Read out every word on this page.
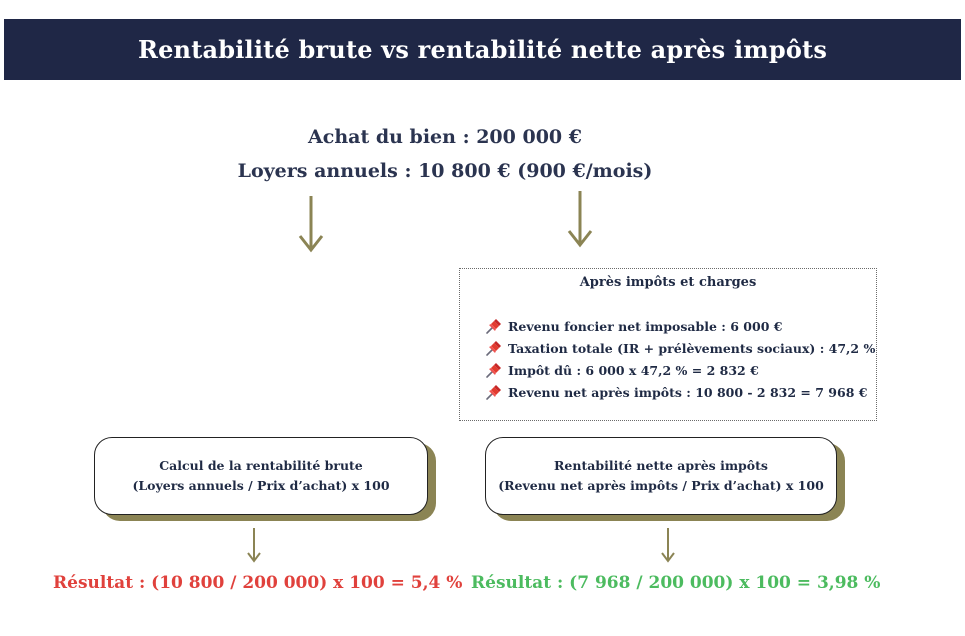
Rentabilité brute vs rentabilité nette après impôts
Achat du bien : 200 000 €
Loyers annuels : 10 800 € (900 €/mois)
Après impôts et charges
Revenu foncier net imposable : 6 000 €
Taxation totale (IR + prélèvements sociaux) : 47,2 %
Impôt dû : 6 000 x 47,2 % = 2 832 €
Revenu net après impôts : 10 800 - 2 832 = 7 968 €
Calcul de la rentabilité brute
(Loyers annuels / Prix d’achat) x 100
Rentabilité nette après impôts
(Revenu net après impôts / Prix d’achat) x 100
Résultat : (10 800 / 200 000) x 100 = 5,4 % Résultat : (7 968 / 200 000) x 100 = 3,98 %
